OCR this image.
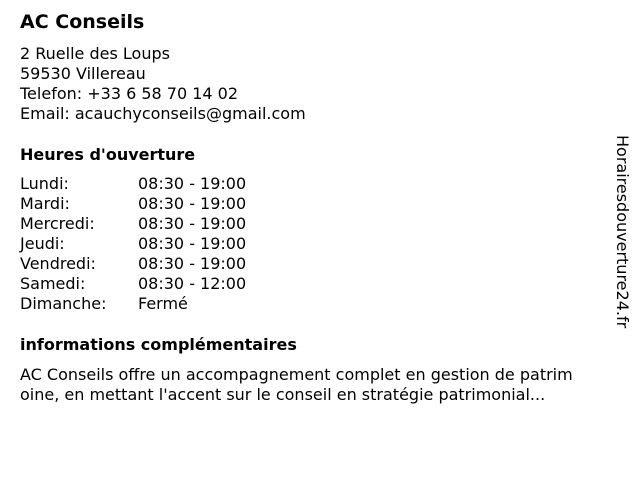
AC Conseils
2 Ruelle des Loups
59530 Villereau
Telefon: +33 6 58 70 14 02
Email: acauchyconseils@gmail.com
Heures d'ouverture
Lundi:	08:30 - 19:00
Mardi:	08:30 - 19:00
Mercredi:	08:30 - 19:00
Jeudi:	08:30 - 19:00
Vendredi:	08:30 - 19:00
Samedi:	08:30 - 12:00
Dimanche:	Fermé
informations complémentaires
AC Conseils offre un accompagnement complet en gestion de patrim
oine, en mettant l'accent sur le conseil en stratégie patrimonial...
Horairesdouverture24.fr
